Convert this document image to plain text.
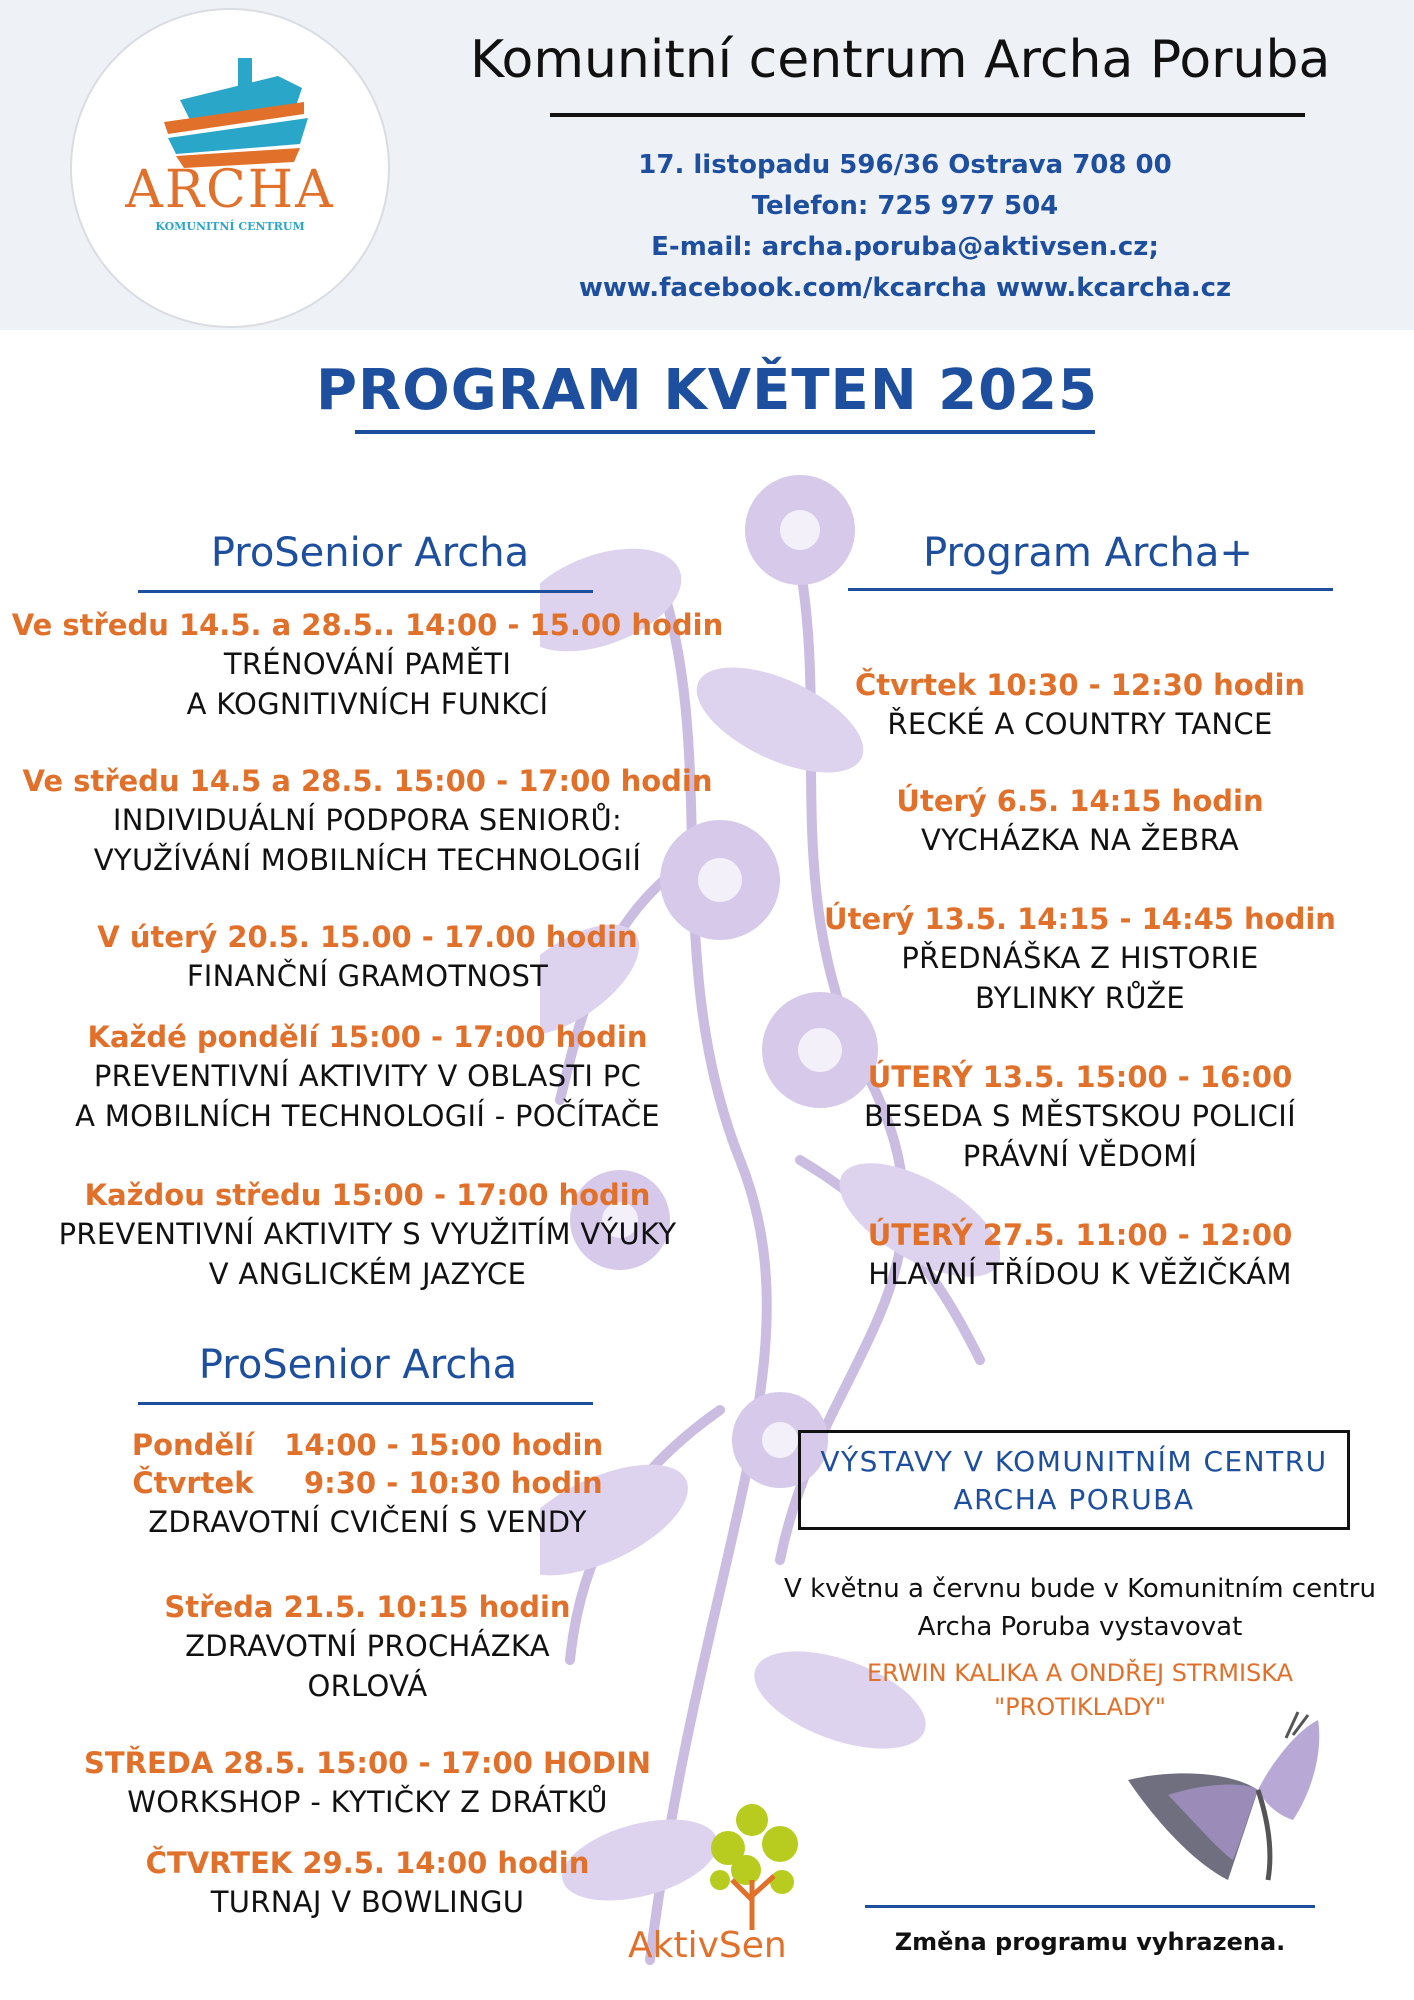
ARCHA
KOMUNITNÍ CENTRUM
Komunitní centrum Archa Poruba
17. listopadu 596/36 Ostrava 708 00
Telefon: 725 977 504
E-mail: archa.poruba@aktivsen.cz;
www.facebook.com/kcarcha www.kcarcha.cz
PROGRAM KVĚTEN 2025
ProSenior Archa
Ve středu 14.5. a 28.5.. 14:00 - 15.00 hodin
TRÉNOVÁNÍ PAMĚTI
A KOGNITIVNÍCH FUNKCÍ
Ve středu 14.5 a 28.5. 15:00 - 17:00 hodin
INDIVIDUÁLNÍ PODPORA SENIORŮ:
VYUŽÍVÁNÍ MOBILNÍCH TECHNOLOGIÍ
V úterý 20.5. 15.00 - 17.00 hodin
FINANČNÍ GRAMOTNOST
Každé pondělí 15:00 - 17:00 hodin
PREVENTIVNÍ AKTIVITY V OBLASTI PC
A MOBILNÍCH TECHNOLOGIÍ - POČÍTAČE
Každou středu 15:00 - 17:00 hodin
PREVENTIVNÍ AKTIVITY S VYUŽITÍM VÝUKY
V ANGLICKÉM JAZYCE
ProSenior Archa
Pondělí   14:00 - 15:00 hodin
Čtvrtek     9:30 - 10:30 hodin
ZDRAVOTNÍ CVIČENÍ S VENDY
Středa 21.5. 10:15 hodin
ZDRAVOTNÍ PROCHÁZKA
ORLOVÁ
STŘEDA 28.5. 15:00 - 17:00 HODIN
WORKSHOP - KYTIČKY Z DRÁTKŮ
ČTVRTEK 29.5. 14:00 hodin
TURNAJ V BOWLINGU
Program Archa+
Čtvrtek 10:30 - 12:30 hodin
ŘECKÉ A COUNTRY TANCE
Úterý 6.5. 14:15 hodin
VYCHÁZKA NA ŽEBRA
Úterý 13.5. 14:15 - 14:45 hodin
PŘEDNÁŠKA Z HISTORIE
BYLINKY RŮŽE
ÚTERÝ 13.5. 15:00 - 16:00
BESEDA S MĚSTSKOU POLICIÍ
PRÁVNÍ VĚDOMÍ
ÚTERÝ 27.5. 11:00 - 12:00
HLAVNÍ TŘÍDOU K VĚŽIČKÁM
VÝSTAVY V KOMUNITNÍM CENTRU
ARCHA PORUBA
V květnu a červnu bude v Komunitním centru
Archa Poruba vystavovat
ERWIN KALIKA A ONDŘEJ STRMISKA
"PROTIKLADY"
AktivSen	Změna programu vyhrazena.
